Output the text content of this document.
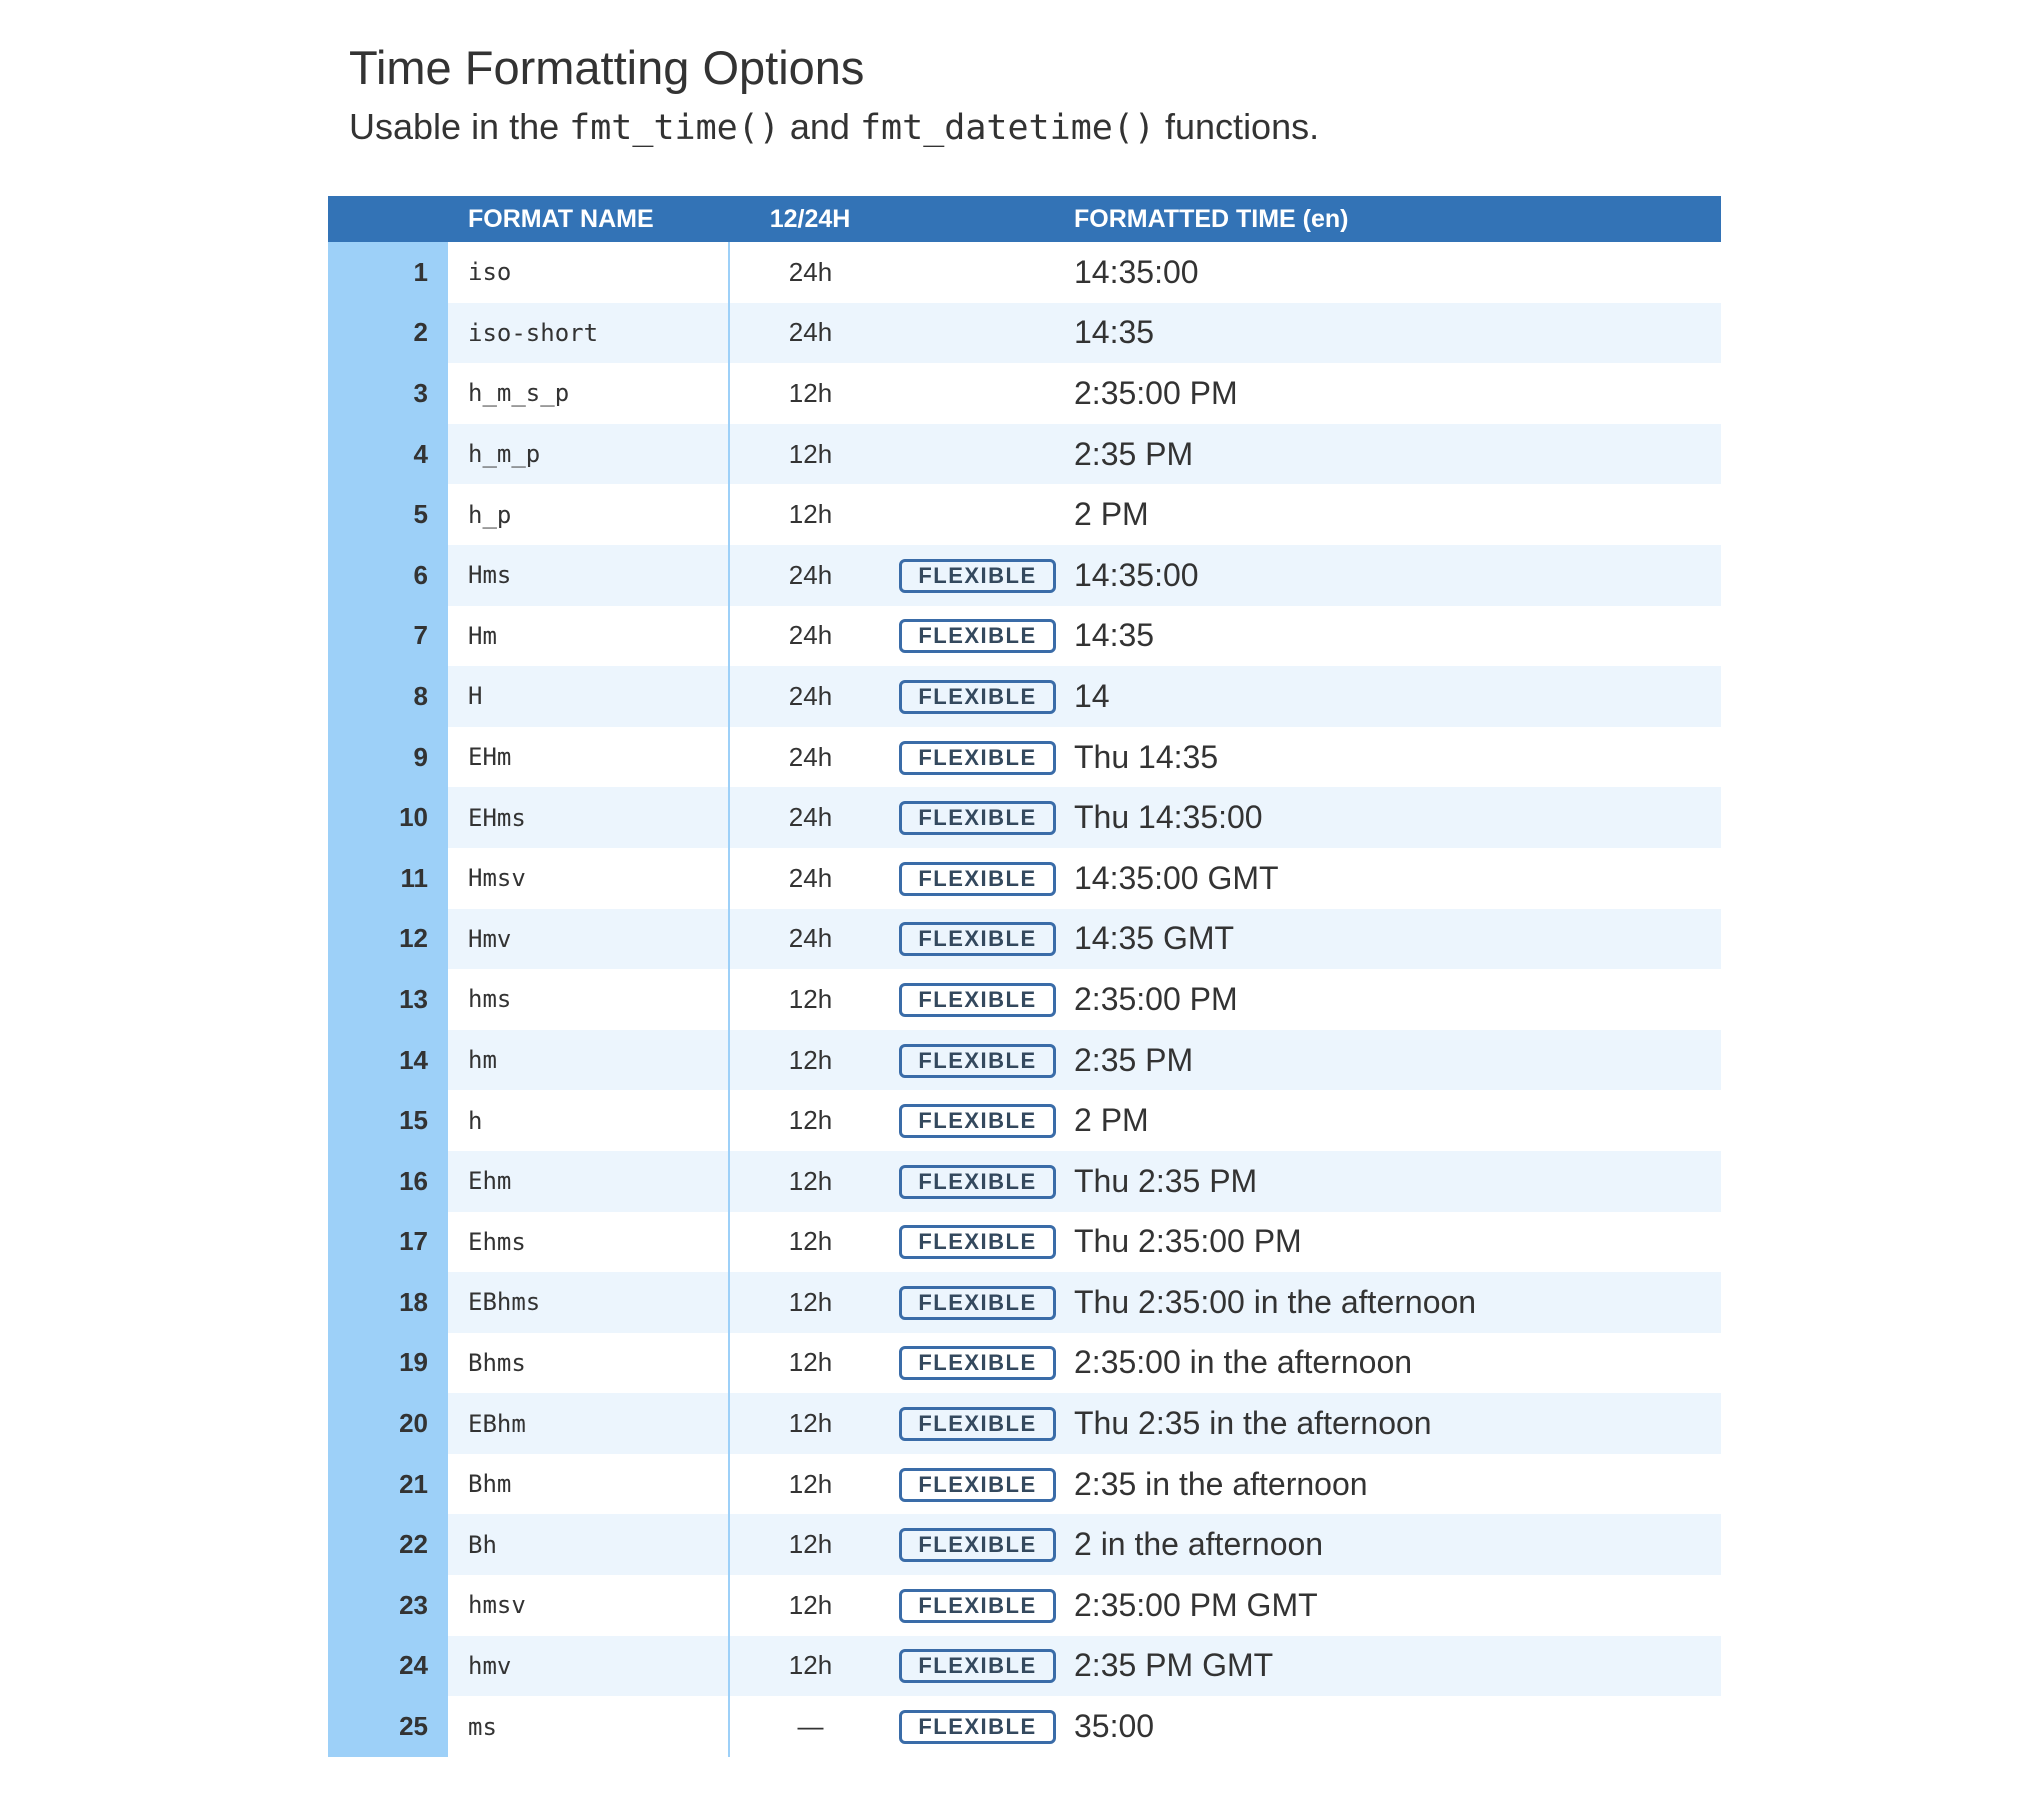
Time Formatting Options
Usable in the fmt_time() and fmt_datetime() functions.
	FORMAT NAME	12/24H		FORMATTED TIME (en)
1	iso	24h		14:35:00
2	iso-short	24h		14:35
3	h_m_s_p	12h		2:35:00 PM
4	h_m_p	12h		2:35 PM
5	h_p	12h		2 PM
6	Hms	24h	FLEXIBLE	14:35:00
7	Hm	24h	FLEXIBLE	14:35
8	H	24h	FLEXIBLE	14
9	EHm	24h	FLEXIBLE	Thu 14:35
10	EHms	24h	FLEXIBLE	Thu 14:35:00
11	Hmsv	24h	FLEXIBLE	14:35:00 GMT
12	Hmv	24h	FLEXIBLE	14:35 GMT
13	hms	12h	FLEXIBLE	2:35:00 PM
14	hm	12h	FLEXIBLE	2:35 PM
15	h	12h	FLEXIBLE	2 PM
16	Ehm	12h	FLEXIBLE	Thu 2:35 PM
17	Ehms	12h	FLEXIBLE	Thu 2:35:00 PM
18	EBhms	12h	FLEXIBLE	Thu 2:35:00 in the afternoon
19	Bhms	12h	FLEXIBLE	2:35:00 in the afternoon
20	EBhm	12h	FLEXIBLE	Thu 2:35 in the afternoon
21	Bhm	12h	FLEXIBLE	2:35 in the afternoon
22	Bh	12h	FLEXIBLE	2 in the afternoon
23	hmsv	12h	FLEXIBLE	2:35:00 PM GMT
24	hmv	12h	FLEXIBLE	2:35 PM GMT
25	ms	—	FLEXIBLE	35:00
